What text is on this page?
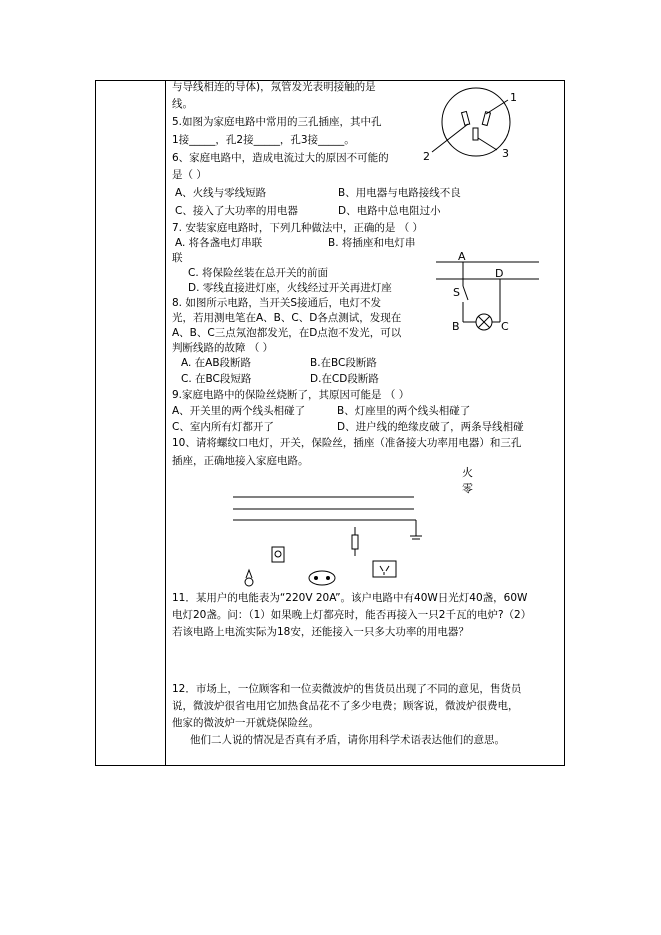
与导线相连的导体)，氖管发光表明接触的是
线。
5.如图为家庭电路中常用的三孔插座，其中孔
1接_____，孔2接_____，孔3接_____。
6、家庭电路中，造成电流过大的原因不可能的
是（ ）
A、火线与零线短路	B、用电器与电路接线不良
C、接入了大功率的用电器	D、电路中总电阻过小
7. 安装家庭电路时，下列几种做法中，正确的是 （ ）
A. 将各盏电灯串联	B. 将插座和电灯串
联
C. 将保险丝装在总开关的前面
D. 零线直接进灯座，火线经过开关再进灯座
8. 如图所示电路，当开关S接通后，电灯不发
光，若用测电笔在A、B、C、D各点测试，发现在
A、B、C三点氖泡都发光，在D点泡不发光，可以
判断线路的故障 （ ）
A. 在AB段断路	B.在BC段断路
C. 在BC段短路	D.在CD段断路
9.家庭电路中的保险丝烧断了，其原因可能是 （ ）
A、开关里的两个线头相碰了	B、灯座里的两个线头相碰了
C、室内所有灯都开了	D、进户线的绝缘皮破了，两条导线相碰
10、请将螺纹口电灯，开关，保险丝，插座（准备接大功率用电器）和三孔
插座，正确地接入家庭电路。
11．某用户的电能表为“220V 20A”。该户电路中有40W日光灯40盏，60W
电灯20盏。问：（1）如果晚上灯都亮时，能否再接入一只2千瓦的电炉?（2）
若该电路上电流实际为18安，还能接入一只多大功率的用电器？
12．市场上，一位顾客和一位卖微波炉的售货员出现了不同的意见，售货员
说，微波炉很省电用它加热食品花不了多少电费；顾客说，微波炉很费电，
他家的微波炉一开就烧保险丝。
他们二人说的情况是否真有矛盾，请你用科学术语表达他们的意思。
1
2	3
A
D
S
B	C
火
零
